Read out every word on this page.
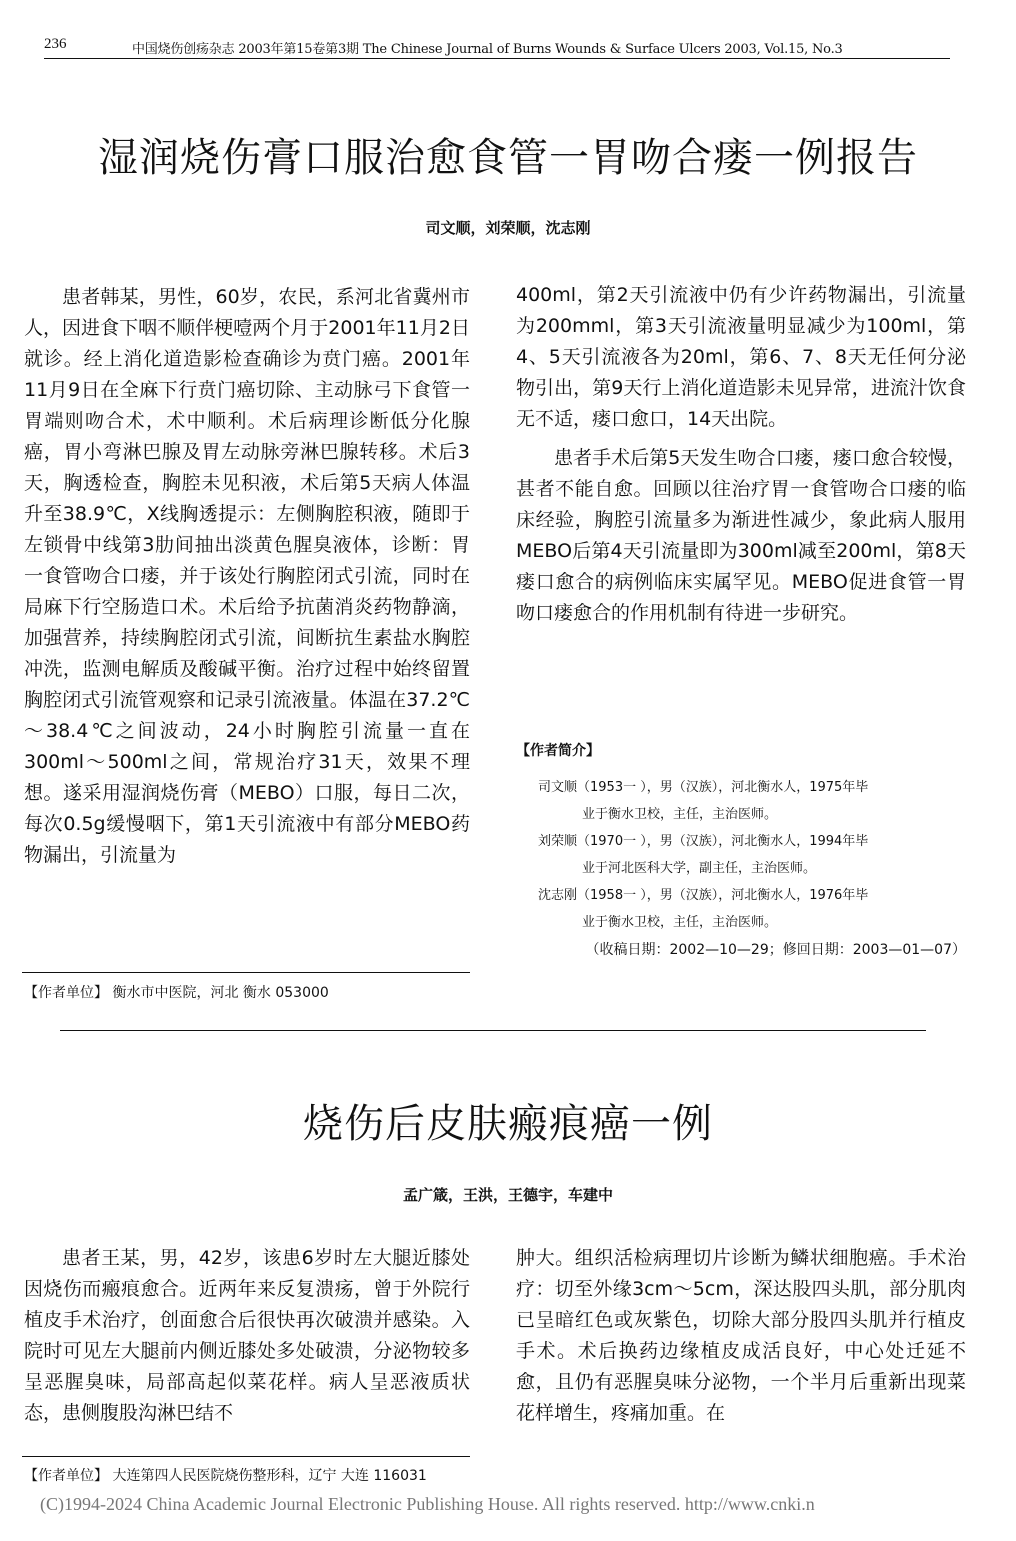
236	中国烧伤创疡杂志 2003年第15卷第3期 The Chinese Journal of Burns Wounds & Surface Ulcers 2003, Vol.15, No.3
湿润烧伤膏口服治愈食管一胃吻合瘘一例报告
司文顺，刘荣顺，沈志刚

患者韩某，男性，60岁，农民，系河北省冀州市人，因进食下咽不顺伴梗噎两个月于2001年11月2日就诊。经上消化道造影检查确诊为贲门癌。2001年11月9日在全麻下行贲门癌切除、主动脉弓下食管一胃端则吻合术，术中顺利。术后病理诊断低分化腺癌，胃小弯淋巴腺及胃左动脉旁淋巴腺转移。术后3天，胸透检查，胸腔未见积液，术后第5天病人体温升至38.9℃，X线胸透提示：左侧胸腔积液，随即于左锁骨中线第3肋间抽出淡黄色腥臭液体，诊断：胃一食管吻合口瘘，并于该处行胸腔闭式引流，同时在局麻下行空肠造口术。术后给予抗菌消炎药物静滴，加强营养，持续胸腔闭式引流，间断抗生素盐水胸腔冲洗，监测电解质及酸碱平衡。治疗过程中始终留置胸腔闭式引流管观察和记录引流液量。体温在37.2℃～38.4℃之间波动，24小时胸腔引流量一直在300ml～500ml之间，常规治疗31天，效果不理想。遂采用湿润烧伤膏（MEBO）口服，每日二次，每次0.5g缓慢咽下，第1天引流液中有部分MEBO药物漏出，引流量为

400ml，第2天引流液中仍有少许药物漏出，引流量为200mml，第3天引流液量明显减少为100ml，第4、5天引流液各为20ml，第6、7、8天无任何分泌物引出，第9天行上消化道造影未见异常，进流汁饮食无不适，瘘口愈口，14天出院。

患者手术后第5天发生吻合口瘘，瘘口愈合较慢，甚者不能自愈。回顾以往治疗胃一食管吻合口瘘的临床经验，胸腔引流量多为渐进性减少，象此病人服用MEBO后第4天引流量即为300ml减至200ml，第8天瘘口愈合的病例临床实属罕见。MEBO促进食管一胃吻口瘘愈合的作用机制有待进一步研究。

【作者简介】
司文顺（1953一 ），男（汉族），河北衡水人，1975年毕
业于衡水卫校，主任，主治医师。
刘荣顺（1970一 ），男（汉族），河北衡水人，1994年毕
业于河北医科大学，副主任，主治医师。
沈志刚（1958一 ），男（汉族），河北衡水人，1976年毕
业于衡水卫校，主任，主治医师。
（收稿日期：2002—10—29；修回日期：2003—01—07）
【作者单位】 衡水市中医院，河北 衡水 053000
烧伤后皮肤瘢痕癌一例
孟广箴，王洪，王德宇，车建中

患者王某，男，42岁，该患6岁时左大腿近膝处因烧伤而瘢痕愈合。近两年来反复溃疡，曾于外院行植皮手术治疗，创面愈合后很快再次破溃并感染。入院时可见左大腿前内侧近膝处多处破溃，分泌物较多呈恶腥臭味，局部高起似菜花样。病人呈恶液质状态，患侧腹股沟淋巴结不

肿大。组织活检病理切片诊断为鳞状细胞癌。手术治疗：切至外缘3cm～5cm，深达股四头肌，部分肌肉已呈暗红色或灰紫色，切除大部分股四头肌并行植皮手术。术后换药边缘植皮成活良好，中心处迁延不愈，且仍有恶腥臭味分泌物，一个半月后重新出现菜花样增生，疼痛加重。在

【作者单位】 大连第四人民医院烧伤整形科，辽宁 大连 116031
(C)1994-2024 China Academic Journal Electronic Publishing House. All rights reserved. http://www.cnki.n
